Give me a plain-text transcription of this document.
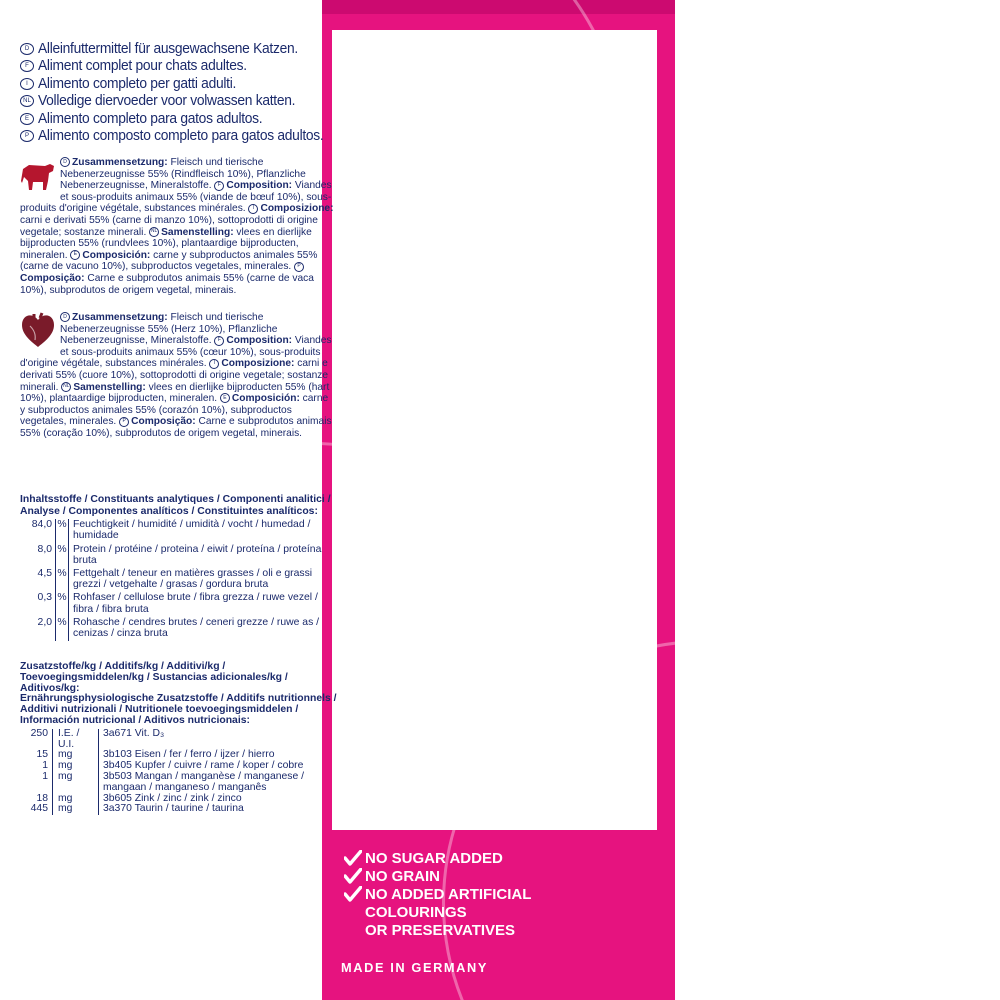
D Alleinfuttermittel für ausgewachsene Katzen.
F Aliment complet pour chats adultes.
I Alimento completo per gatti adulti.
NL Volledige diervoeder voor volwassen katten.
E Alimento completo para gatos adultos.
P Alimento composto completo para gatos adultos.

D Zusammensetzung: Fleisch und tierische Nebenerzeugnisse 55% (Rindfleisch 10%), Pflanzliche Nebenerzeugnisse, Mineralstoffe. F Composition: Viandes et sous-produits animaux 55% (viande de bœuf 10%), sous-produits d'origine végétale, substances minérales. I Composizione: carni e derivati 55% (carne di manzo 10%), sottoprodotti di origine vegetale; sostanze minerali. NL Samenstelling: vlees en dierlijke bijproducten 55% (rundvlees 10%), plantaardige bijproducten, mineralen. E Composición: carne y subproductos animales 55% (carne de vacuno 10%), subproductos vegetales, minerales. PComposição: Carne e subprodutos animais 55% (carne de vaca 10%), subprodutos de origem vegetal, minerais.

D Zusammensetzung: Fleisch und tierische Nebenerzeugnisse 55% (Herz 10%), Pflanzliche Nebenerzeugnisse, Mineralstoffe. F Composition: Viandes et sous-produits animaux 55% (cœur 10%), sous-produits d'origine végétale, substances minérales. I Composizione: carni e derivati 55% (cuore 10%), sottoprodotti di origine vegetale; sostanze minerali. NL Samenstelling: vlees en dierlijke bijproducten 55% (hart 10%), plantaardige bijproducten, mineralen. E Composición: carne y subproductos animales 55% (corazón 10%), subproductos vegetales, minerales. P Composição: Carne e subprodutos animais 55% (coração 10%), subprodutos de origem vegetal, minerais.

Inhaltsstoffe / Constituants analytiques / Componenti analitici / Analyse / Componentes analíticos / Constituintes analíticos:
84,0	%	Feuchtigkeit / humidité / umidità / vocht / humedad / humidade
8,0	%	Protein / protéine / proteina / eiwit / proteína / proteína bruta
4,5	%	Fettgehalt / teneur en matières grasses / oli e grassi grezzi / vetgehalte / grasas / gordura bruta
0,3	%	Rohfaser / cellulose brute / fibra grezza / ruwe vezel / fibra / fibra bruta
2,0	%	Rohasche / cendres brutes / ceneri grezze / ruwe as / cenizas / cinza bruta
Zusatzstoffe/kg / Additifs/kg / Additivi/kg / Toevoegingsmiddelen/kg / Sustancias adicionales/kg / Aditivos/kg:
Ernährungsphysiologische Zusatzstoffe / Additifs nutritionnels / Additivi nutrizionali / Nutritionele toevoegingsmiddelen / Información nutricional / Aditivos nutricionais:
250	I.E. / U.I.	3a671 Vit. D₃
15	mg	3b103 Eisen / fer / ferro / ijzer / hierro
1	mg	3b405 Kupfer / cuivre / rame / koper / cobre
1	mg	3b503 Mangan / manganèse / manganese / mangaan / manganeso / manganês
18	mg	3b605 Zink / zinc / zink / zinco
445	mg	3a370 Taurin / taurine / taurina
NO SUGAR ADDED
NO GRAIN
NO ADDED ARTIFICIAL
COLOURINGS
OR PRESERVATIVES
MADE IN GERMANY
